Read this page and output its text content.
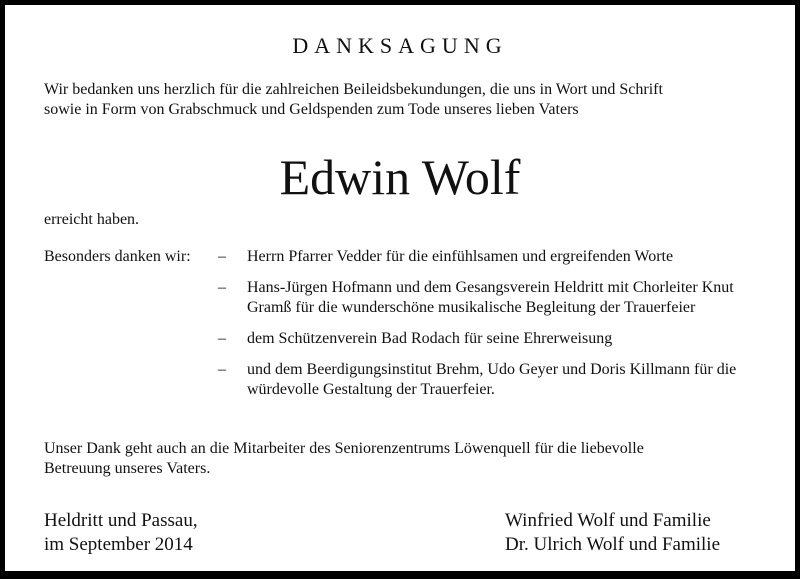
DANKSAGUNG
Wir bedanken uns herzlich für die zahlreichen Beileidsbekundungen, die uns in Wort und Schrift
sowie in Form von Grabschmuck und Geldspenden zum Tode unseres lieben Vaters
Edwin Wolf
erreicht haben.
Besonders danken wir: – Herrn Pfarrer Vedder für die einfühlsamen und ergreifenden Worte
– Hans-Jürgen Hofmann und dem Gesangsverein Heldritt mit Chorleiter Knut Gramß für die wunderschöne musikalische Begleitung der Trauerfeier
– dem Schützenverein Bad Rodach für seine Ehrerweisung
– und dem Beerdigungsinstitut Brehm, Udo Geyer und Doris Killmann für die würdevolle Gestaltung der Trauerfeier.
Unser Dank geht auch an die Mitarbeiter des Seniorenzentrums Löwenquell für die liebevolle
Betreuung unseres Vaters.
Heldritt und Passau,
im September 2014
Winfried Wolf und Familie
Dr. Ulrich Wolf und Familie
